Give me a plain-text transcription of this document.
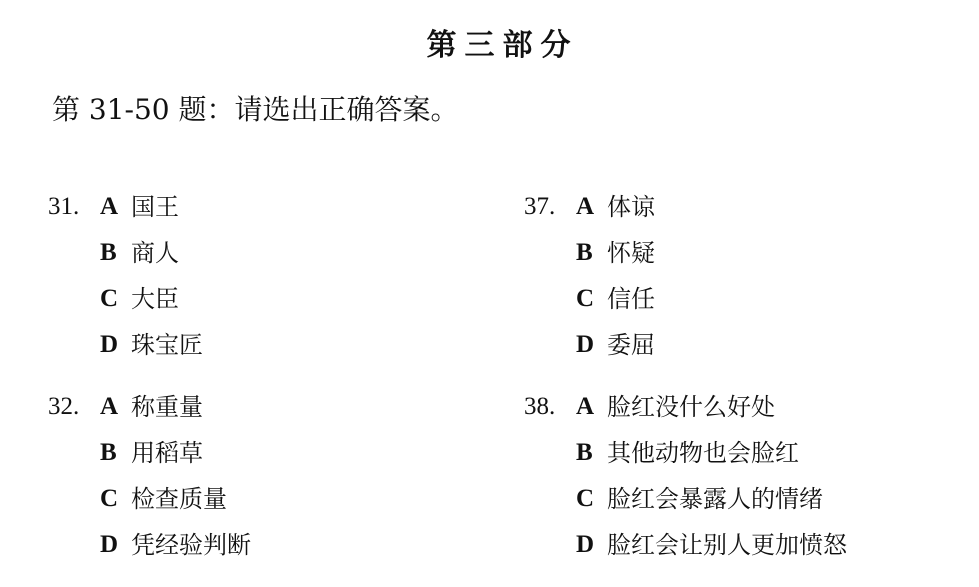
第三部分
第 31-50 题：请选出正确答案。
31. A 国王
B 商人
C 大臣
D 珠宝匠
37. A 体谅
B 怀疑
C 信任
D 委屈
32. A 称重量
B 用稻草
C 检查质量
D 凭经验判断
38. A 脸红没什么好处
B 其他动物也会脸红
C 脸红会暴露人的情绪
D 脸红会让别人更加愤怒
